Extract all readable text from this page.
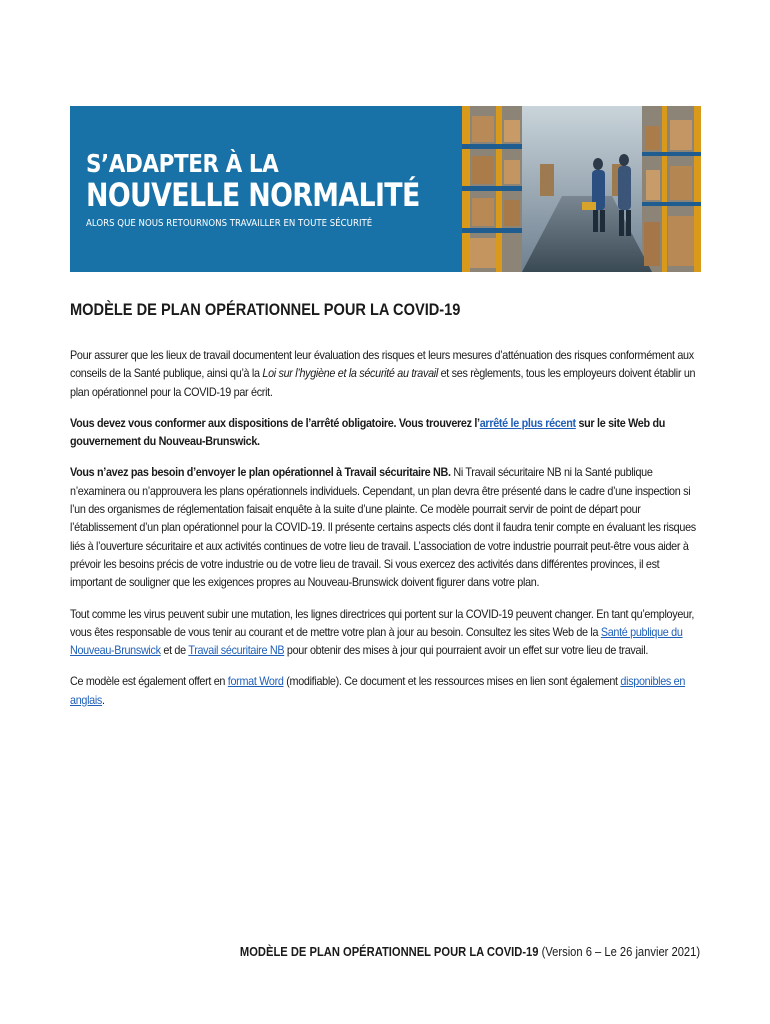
S’ADAPTER À LA
NOUVELLE NORMALITÉ
ALORS QUE NOUS RETOURNONS TRAVAILLER EN TOUTE SÉCURITÉ
MODÈLE DE PLAN OPÉRATIONNEL POUR LA COVID-19

Pour assurer que les lieux de travail documentent leur évaluation des risques et leurs mesures d’atténuation des risques conformément aux conseils de la Santé publique, ainsi qu’à la Loi sur l’hygiène et la sécurité au travail et ses règlements, tous les employeurs doivent établir un plan opérationnel pour la COVID-19 par écrit.

Vous devez vous conformer aux dispositions de l’arrêté obligatoire. Vous trouverez l’arrêté le plus récent sur le site Web du gouvernement du Nouveau-Brunswick.

Vous n’avez pas besoin d’envoyer le plan opérationnel à Travail sécuritaire NB. Ni Travail sécuritaire NB ni la Santé publique n’examinera ou n’approuvera les plans opérationnels individuels. Cependant, un plan devra être présenté dans le cadre d’une inspection si l’un des organismes de réglementation faisait enquête à la suite d’une plainte. Ce modèle pourrait servir de point de départ pour l’établissement d’un plan opérationnel pour la COVID-19. Il présente certains aspects clés dont il faudra tenir compte en évaluant les risques liés à l’ouverture sécuritaire et aux activités continues de votre lieu de travail. L’association de votre industrie pourrait peut-être vous aider à prévoir les besoins précis de votre industrie ou de votre lieu de travail. Si vous exercez des activités dans différentes provinces, il est important de souligner que les exigences propres au Nouveau-Brunswick doivent figurer dans votre plan.

Tout comme les virus peuvent subir une mutation, les lignes directrices qui portent sur la COVID-19 peuvent changer. En tant qu’employeur, vous êtes responsable de vous tenir au courant et de mettre votre plan à jour au besoin. Consultez les sites Web de la Santé publique du Nouveau-Brunswick et de Travail sécuritaire NB pour obtenir des mises à jour qui pourraient avoir un effet sur votre lieu de travail.

Ce modèle est également offert en format Word (modifiable). Ce document et les ressources mises en lien sont également disponibles en anglais.

MODÈLE DE PLAN OPÉRATIONNEL POUR LA COVID-19 (Version 6 – Le 26 janvier 2021)
